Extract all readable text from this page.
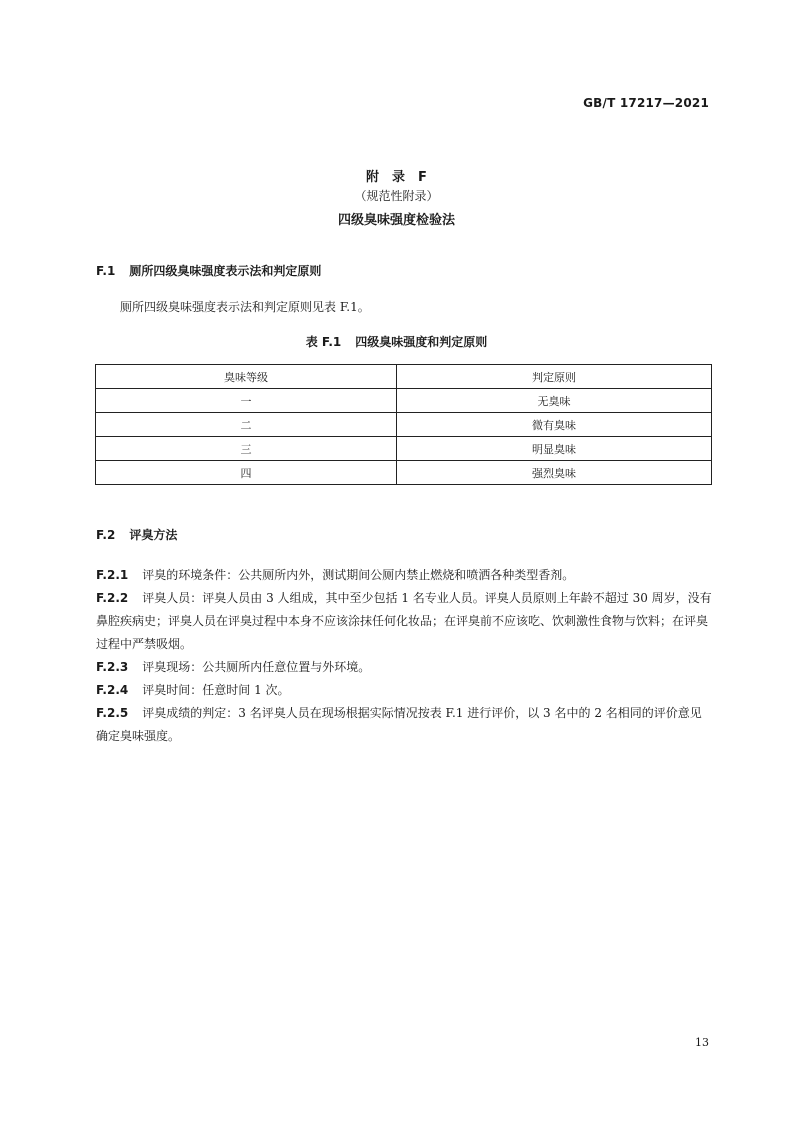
GB/T 17217—2021
附　录　F
（规范性附录）
四级臭味强度检验法
F.1 厕所四级臭味强度表示法和判定原则
厕所四级臭味强度表示法和判定原则见表 F.1。
表 F.1 四级臭味强度和判定原则
臭味等级	判定原则
一	无臭味
二	微有臭味
三	明显臭味
四	强烈臭味
F.2 评臭方法
F.2.1 评臭的环境条件：公共厕所内外，测试期间公厕内禁止燃烧和喷洒各种类型香剂。
F.2.2 评臭人员：评臭人员由 3 人组成，其中至少包括 1 名专业人员。评臭人员原则上年龄不超过 30 周岁，没有鼻腔疾病史；评臭人员在评臭过程中本身不应该涂抹任何化妆品；在评臭前不应该吃、饮刺激性食物与饮料；在评臭过程中严禁吸烟。
F.2.3 评臭现场：公共厕所内任意位置与外环境。
F.2.4 评臭时间：任意时间 1 次。
F.2.5 评臭成绩的判定：3 名评臭人员在现场根据实际情况按表 F.1 进行评价，以 3 名中的 2 名相同的评价意见确定臭味强度。
13
